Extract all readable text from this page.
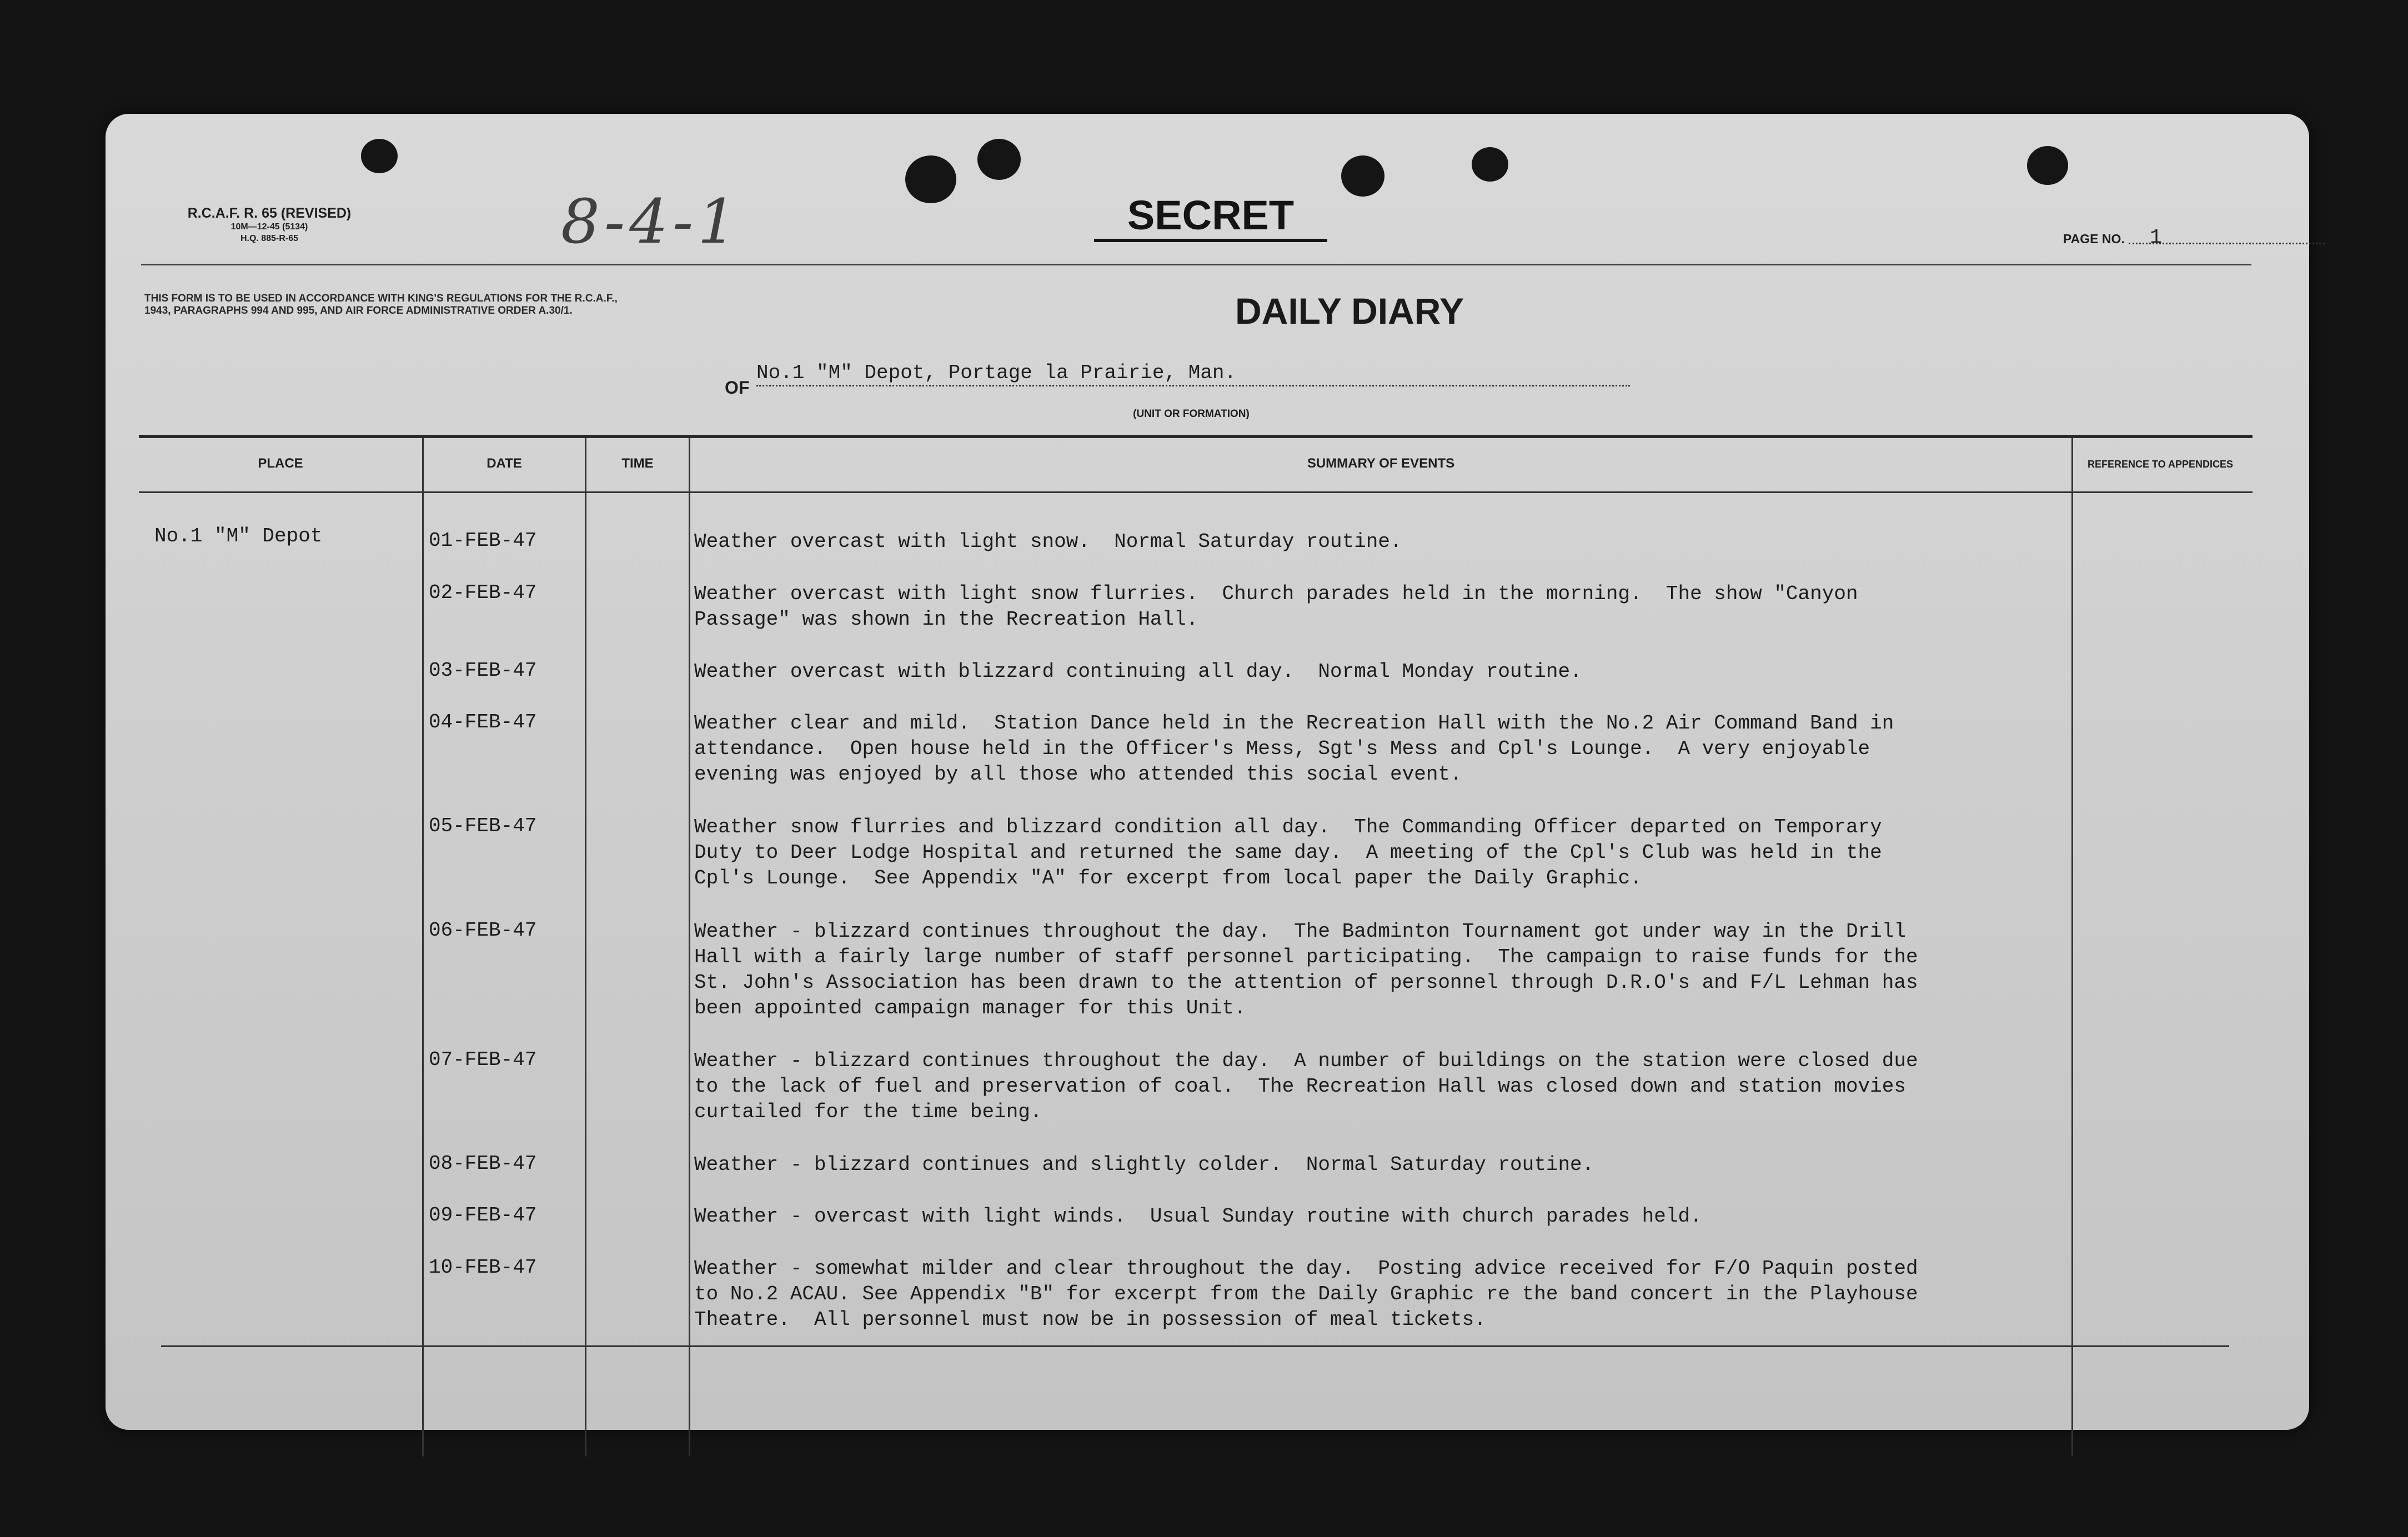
R.C.A.F. R. 65 (REVISED)
10M—12-45 (5134)
H.Q. 885-R-65	8-4-1	SECRET
PAGE NO.	1
THIS FORM IS TO BE USED IN ACCORDANCE WITH KING'S REGULATIONS FOR THE R.C.A.F., 1943, PARAGRAPHS 994 AND 995, AND AIR FORCE ADMINISTRATIVE ORDER A.30/1.	DAILY DIARY
OF
No.1 "M" Depot, Portage la Prairie, Man.
(UNIT OR FORMATION)
PLACE	DATE	TIME	SUMMARY OF EVENTS	REFERENCE TO APPENDICES
No.1 "M" Depot	01-FEB-47	Weather overcast with light snow.  Normal Saturday routine.
02-FEB-47	Weather overcast with light snow flurries.  Church parades held in the morning.  The show "Canyon
Passage" was shown in the Recreation Hall.
03-FEB-47	Weather overcast with blizzard continuing all day.  Normal Monday routine.
04-FEB-47	Weather clear and mild.  Station Dance held in the Recreation Hall with the No.2 Air Command Band in
attendance.  Open house held in the Officer's Mess, Sgt's Mess and Cpl's Lounge.  A very enjoyable
evening was enjoyed by all those who attended this social event.
05-FEB-47	Weather snow flurries and blizzard condition all day.  The Commanding Officer departed on Temporary
Duty to Deer Lodge Hospital and returned the same day.  A meeting of the Cpl's Club was held in the
Cpl's Lounge.  See Appendix "A" for excerpt from local paper the Daily Graphic.
06-FEB-47	Weather - blizzard continues throughout the day.  The Badminton Tournament got under way in the Drill
Hall with a fairly large number of staff personnel participating.  The campaign to raise funds for the
St. John's Association has been drawn to the attention of personnel through D.R.O's and F/L Lehman has
been appointed campaign manager for this Unit.
07-FEB-47	Weather - blizzard continues throughout the day.  A number of buildings on the station were closed due
to the lack of fuel and preservation of coal.  The Recreation Hall was closed down and station movies
curtailed for the time being.
08-FEB-47	Weather - blizzard continues and slightly colder.  Normal Saturday routine.
09-FEB-47	Weather - overcast with light winds.  Usual Sunday routine with church parades held.
10-FEB-47	Weather - somewhat milder and clear throughout the day.  Posting advice received for F/O Paquin posted
to No.2 ACAU. See Appendix "B" for excerpt from the Daily Graphic re the band concert in the Playhouse
Theatre.  All personnel must now be in possession of meal tickets.
